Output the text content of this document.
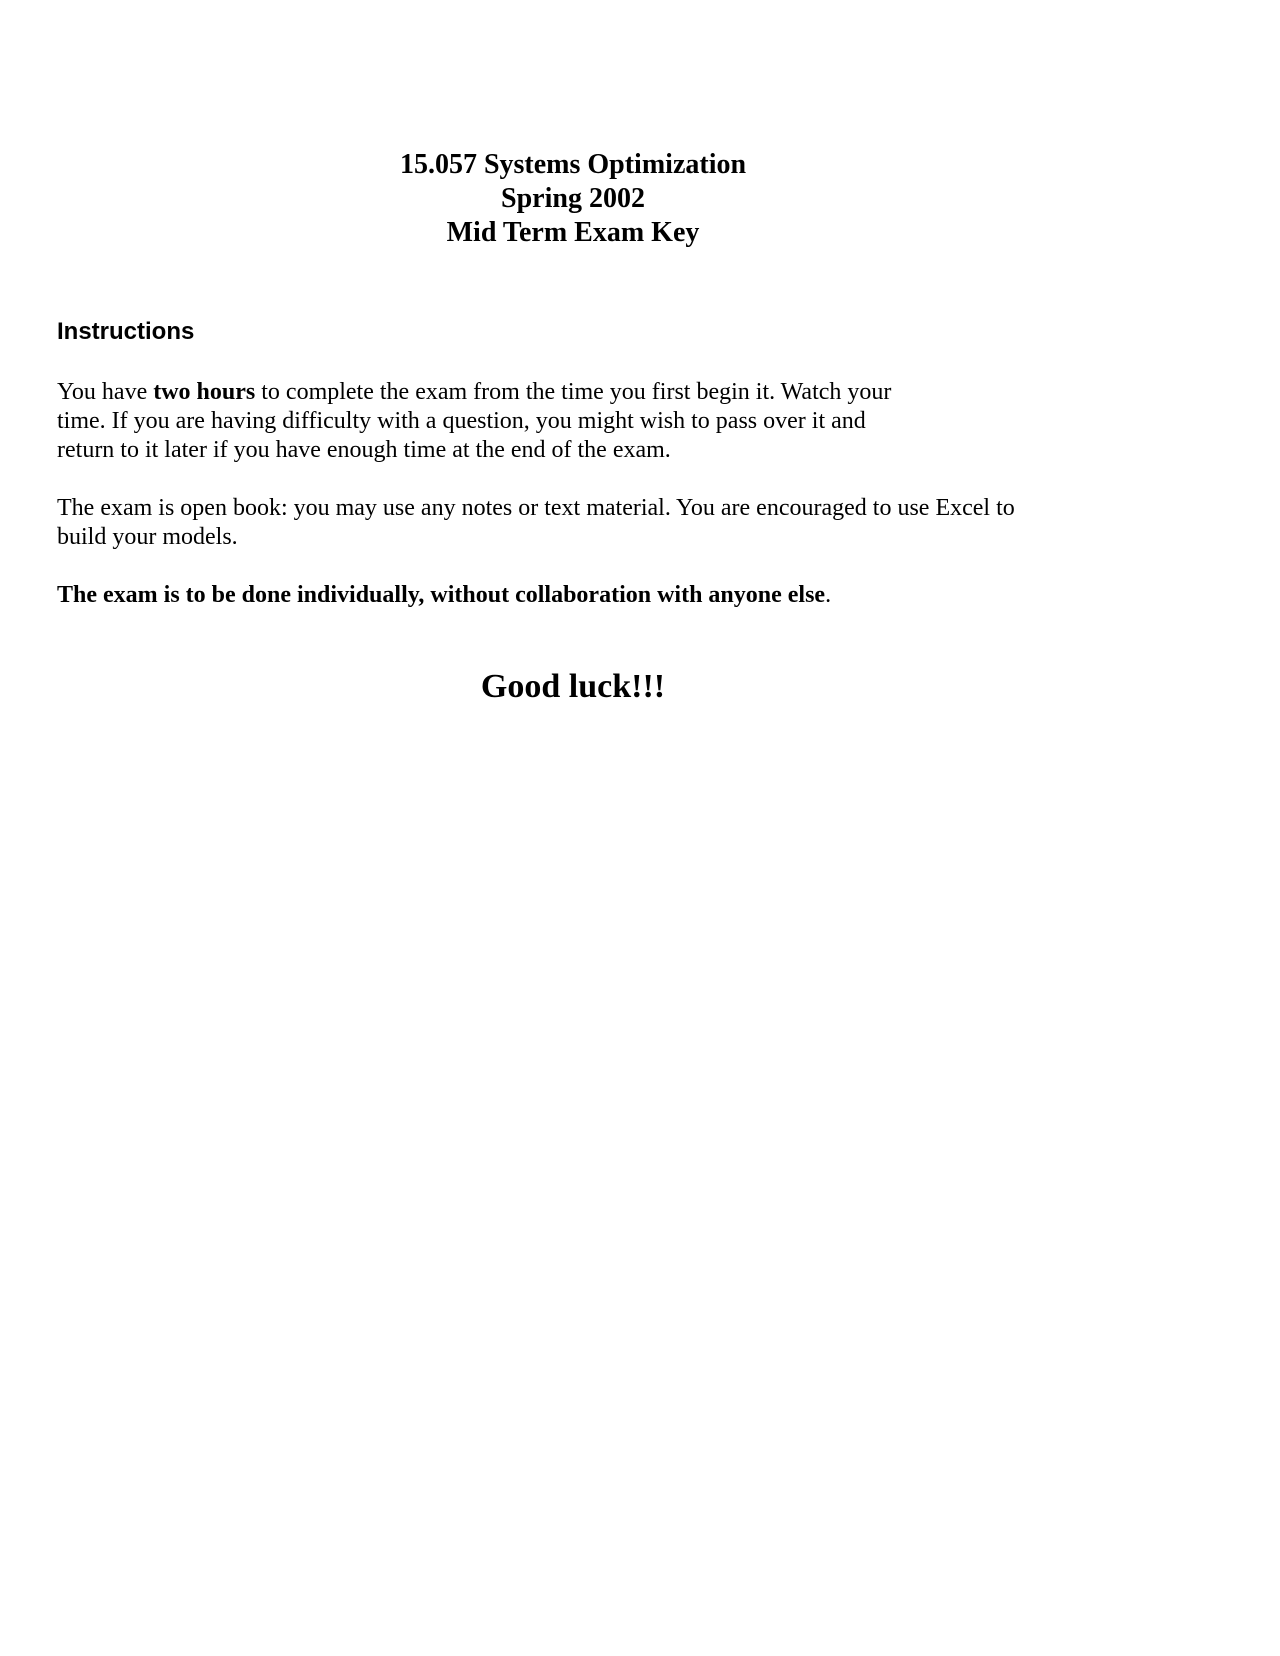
15.057 Systems Optimization
Spring 2002
Mid Term Exam Key
Instructions

You have two hours to complete the exam from the time you first begin it. Watch your
time. If you are having difficulty with a question, you might wish to pass over it and
return to it later if you have enough time at the end of the exam.

The exam is open book: you may use any notes or text material. You are encouraged to use Excel to
build your models.

The exam is to be done individually, without collaboration with anyone else.

Good luck!!!
